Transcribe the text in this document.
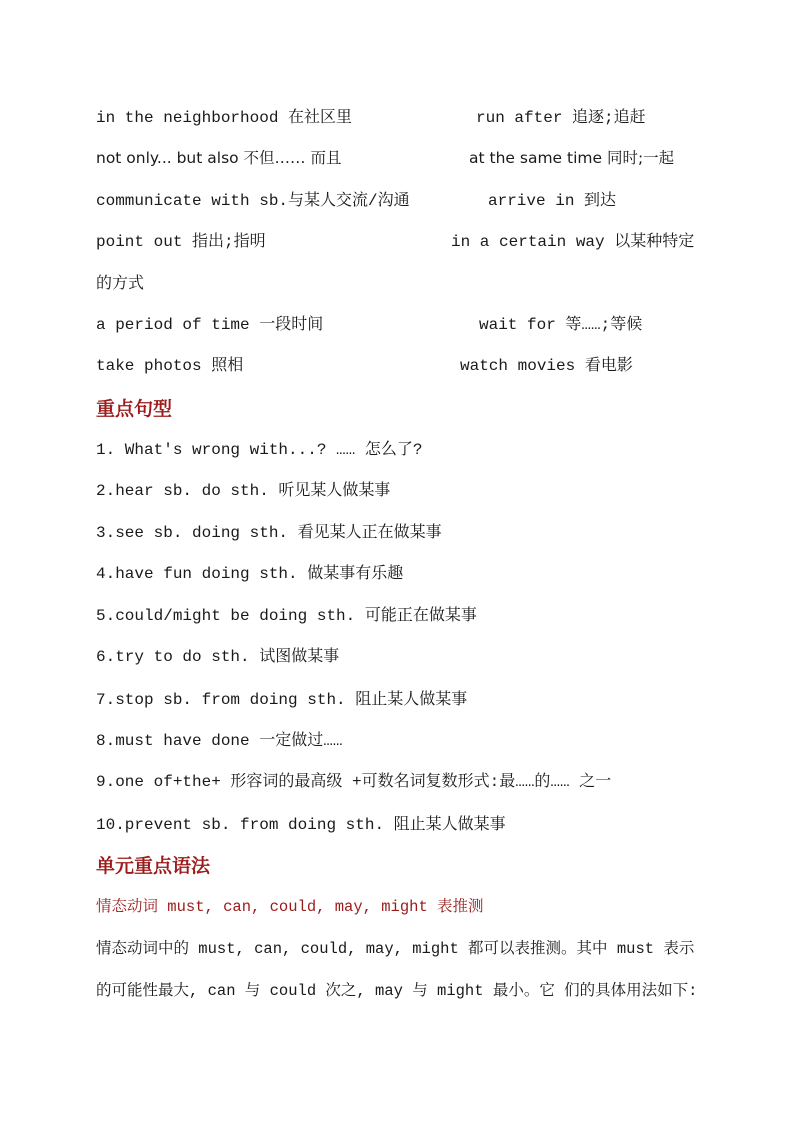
in the neighborhood 在社区里	run after 追逐;追赶
not only... but also 不但…… 而且	at the same time 同时;一起
communicate with sb.与某人交流/沟通	arrive in 到达
point out 指出;指明	in a certain way 以某种特定
的方式
a period of time 一段时间	wait for 等……;等候
take photos 照相	watch movies 看电影
重点句型
1. What's wrong with...? …… 怎么了?
2.hear sb. do sth. 听见某人做某事
3.see sb. doing sth. 看见某人正在做某事
4.have fun doing sth. 做某事有乐趣
5.could/might be doing sth. 可能正在做某事
6.try to do sth. 试图做某事
7.stop sb. from doing sth. 阻止某人做某事
8.must have done 一定做过……
9.one of+the+ 形容词的最高级 +可数名词复数形式:最……的…… 之一
10.prevent sb. from doing sth. 阻止某人做某事
单元重点语法
情态动词 must, can, could, may, might 表推测
情态动词中的 must, can, could, may, might 都可以表推测。其中 must 表示
的可能性最大, can 与 could 次之, may 与 might 最小。它 们的具体用法如下:
